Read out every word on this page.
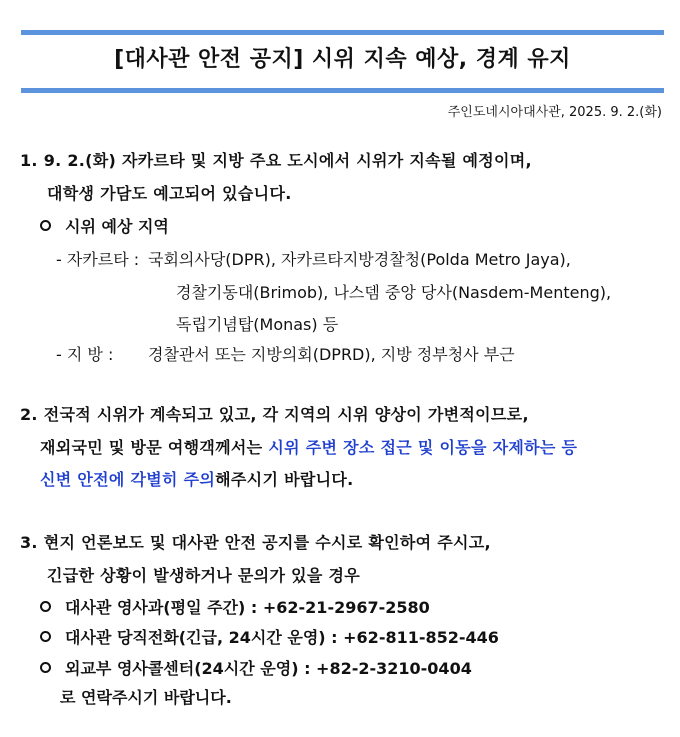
[대사관 안전 공지] 시위 지속 예상, 경계 유지
주인도네시아대사관, 2025. 9. 2.(화)
1. 9. 2.(화) 자카르타 및 지방 주요 도시에서 시위가 지속될 예정이며,
대학생 가담도 예고되어 있습니다.
시위 예상 지역
- 자카르타 : 국회의사당(DPR), 자카르타지방경찰청(Polda Metro Jaya),
경찰기동대(Brimob), 나스뎀 중앙 당사(Nasdem-Menteng),
독립기념탑(Monas) 등
- 지 방 : 경찰관서 또는 지방의회(DPRD), 지방 정부청사 부근
2. 전국적 시위가 계속되고 있고, 각 지역의 시위 양상이 가변적이므로,
재외국민 및 방문 여행객께서는 시위 주변 장소 접근 및 이동을 자제하는 등
신변 안전에 각별히 주의해주시기 바랍니다.
3. 현지 언론보도 및 대사관 안전 공지를 수시로 확인하여 주시고,
긴급한 상황이 발생하거나 문의가 있을 경우
대사관 영사과(평일 주간) : +62-21-2967-2580
대사관 당직전화(긴급, 24시간 운영) : +62-811-852-446
외교부 영사콜센터(24시간 운영) : +82-2-3210-0404
로 연락주시기 바랍니다.
